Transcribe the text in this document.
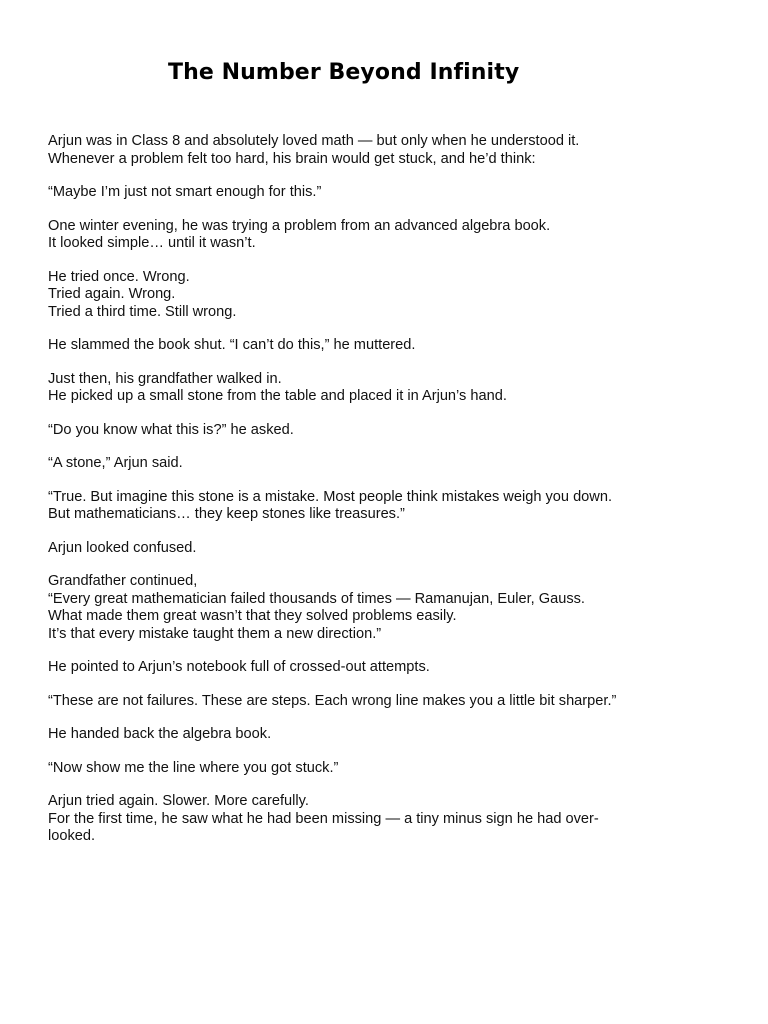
The Number Beyond Infinity
Arjun was in Class 8 and absolutely loved math — but only when he understood it.
Whenever a problem felt too hard, his brain would get stuck, and he’d think:
“Maybe I’m just not smart enough for this.”
One winter evening, he was trying a problem from an advanced algebra book.
It looked simple… until it wasn’t.
He tried once. Wrong.
Tried again. Wrong.
Tried a third time. Still wrong.
He slammed the book shut. “I can’t do this,” he muttered.
Just then, his grandfather walked in.
He picked up a small stone from the table and placed it in Arjun’s hand.
“Do you know what this is?” he asked.
“A stone,” Arjun said.
“True. But imagine this stone is a mistake. Most people think mistakes weigh you down.
But mathematicians… they keep stones like treasures.”
Arjun looked confused.
Grandfather continued,
“Every great mathematician failed thousands of times — Ramanujan, Euler, Gauss.
What made them great wasn’t that they solved problems easily.
It’s that every mistake taught them a new direction.”
He pointed to Arjun’s notebook full of crossed-out attempts.
“These are not failures. These are steps. Each wrong line makes you a little bit sharper.”
He handed back the algebra book.
“Now show me the line where you got stuck.”
Arjun tried again. Slower. More carefully.
For the first time, he saw what he had been missing — a tiny minus sign he had over-
looked.
